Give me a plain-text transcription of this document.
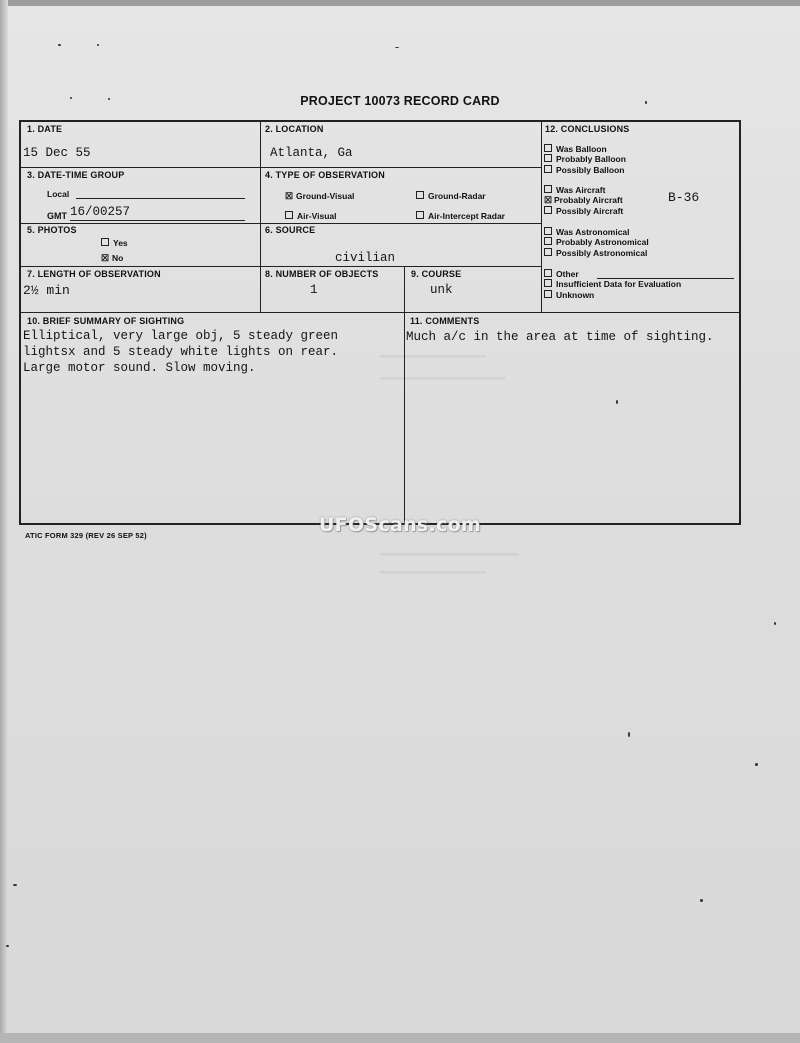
▬▬▬▬▬▬▬▬▬▬▬▬▬▬▬▬
▬▬▬▬▬▬▬▬▬▬▬▬▬▬▬▬▬▬▬
▬▬▬▬▬▬▬▬▬▬▬▬▬▬▬▬▬▬▬▬▬
▬▬▬▬▬▬▬▬▬▬▬▬▬▬▬▬
PROJECT 10073 RECORD CARD
1. DATE
15 Dec 55
2. LOCATION
Atlanta, Ga
3. DATE-TIME GROUP
Local
GMT 16/00257
4. TYPE OF OBSERVATION
☒ Ground-Visual	Ground-Radar
Air-Visual	Air-Intercept Radar
5. PHOTOS
Yes
☒ No
6. SOURCE
civilian
7. LENGTH OF OBSERVATION
2½ min
8. NUMBER OF OBJECTS
1
9. COURSE
unk
10. BRIEF SUMMARY OF SIGHTING
Elliptical, very large obj, 5 steady green
lightsx and 5 steady white lights on rear.
Large motor sound. Slow moving.
11. COMMENTS
Much a/c in the area at time of sighting.
12. CONCLUSIONS
Was Balloon
Probably Balloon
Possibly Balloon
Was Aircraft
☒ Probably Aircraft
Possibly Aircraft
B-36
Was Astronomical
Probably Astronomical
Possibly Astronomical
Other
Insufficient Data for Evaluation
Unknown
ATIC FORM 329 (REV 26 SEP 52)	UFOScans.com
